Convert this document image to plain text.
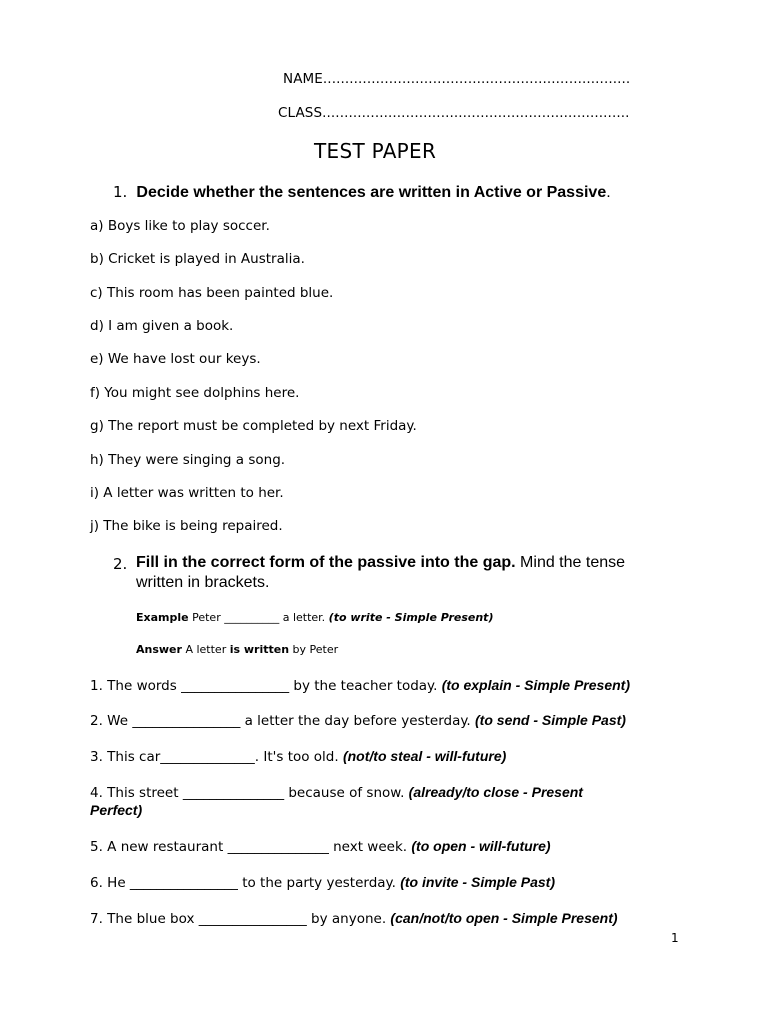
NAME......................................................................
CLASS......................................................................
TEST PAPER
1. Decide whether the sentences are written in Active or Passive.
a) Boys like to play soccer.
b) Cricket is played in Australia.
c) This room has been painted blue.
d) I am given a book.
e) We have lost our keys.
f) You might see dolphins here.
g) The report must be completed by next Friday.
h) They were singing a song.
i) A letter was written to her.
j) The bike is being repaired.
2. Fill in the correct form of the passive into the gap. Mind the tense
written in brackets.
Example Peter __________ a letter. (to write - Simple Present)
Answer A letter is written by Peter
1. The words ________________ by the teacher today. (to explain - Simple Present)
2. We ________________ a letter the day before yesterday. (to send - Simple Past)
3. This car______________. It's too old. (not/to steal - will-future)
4. This street _______________ because of snow. (already/to close - Present
Perfect)
5. A new restaurant _______________ next week. (to open - will-future)
6. He ________________ to the party yesterday. (to invite - Simple Past)
7. The blue box ________________ by anyone. (can/not/to open - Simple Present)
1
